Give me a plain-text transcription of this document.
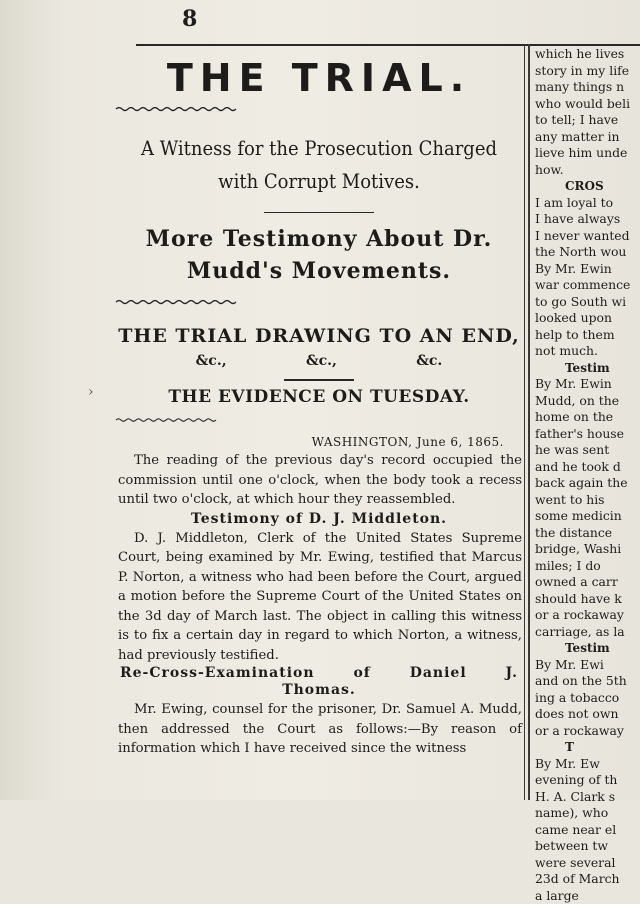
8
›
THE TRIAL.
A Witness for the Prosecution Charged
with Corrupt Motives.
More Testimony About Dr.
Mudd's Movements.
THE TRIAL DRAWING TO AN END,
&c.,	&c.,	&c.
THE EVIDENCE ON TUESDAY.
WASHINGTON, June 6, 1865.
The reading of the previous day's record occupied the commission until one o'clock, when the body took a recess until two o'clock, at which hour they reassembled.
Testimony of D. J. Middleton.
D. J. Middleton, Clerk of the United States Supreme Court, being examined by Mr. Ewing, testified that Marcus P. Norton, a witness who had been before the Court, argued a motion before the Supreme Court of the United States on the 3d day of March last. The object in calling this witness is to fix a certain day in regard to which Norton, a witness, had previously testified.
Re-Cross-Examination	of	Daniel	J.
Thomas.
Mr. Ewing, counsel for the prisoner, Dr. Samuel A. Mudd, then addressed the Court as follows:—By reason of information which I have received since the witness
which he lives
story in my life
many things n
who would beli
to tell; I have
any matter in
lieve him unde
how.
CROS
I am loyal to
I have always
I never wanted
the North wou
By Mr. Ewin
war commence
to go South wi
looked upon
help to them
not much.
Testim
By Mr. Ewin
Mudd, on the
home on the
father's house
he was sent
and he took d
back again the
went to his
some medicin
the distance
bridge, Washi
miles; I do
owned a carr
should have k
or a rockaway
carriage, as la
Testim
By Mr. Ewi
and on the 5th
ing a tobacco
does not own
or a rockaway
T
By Mr. Ew
evening of th
H. A. Clark s
name), who
came near el
between tw
were several
23d of March
a large
